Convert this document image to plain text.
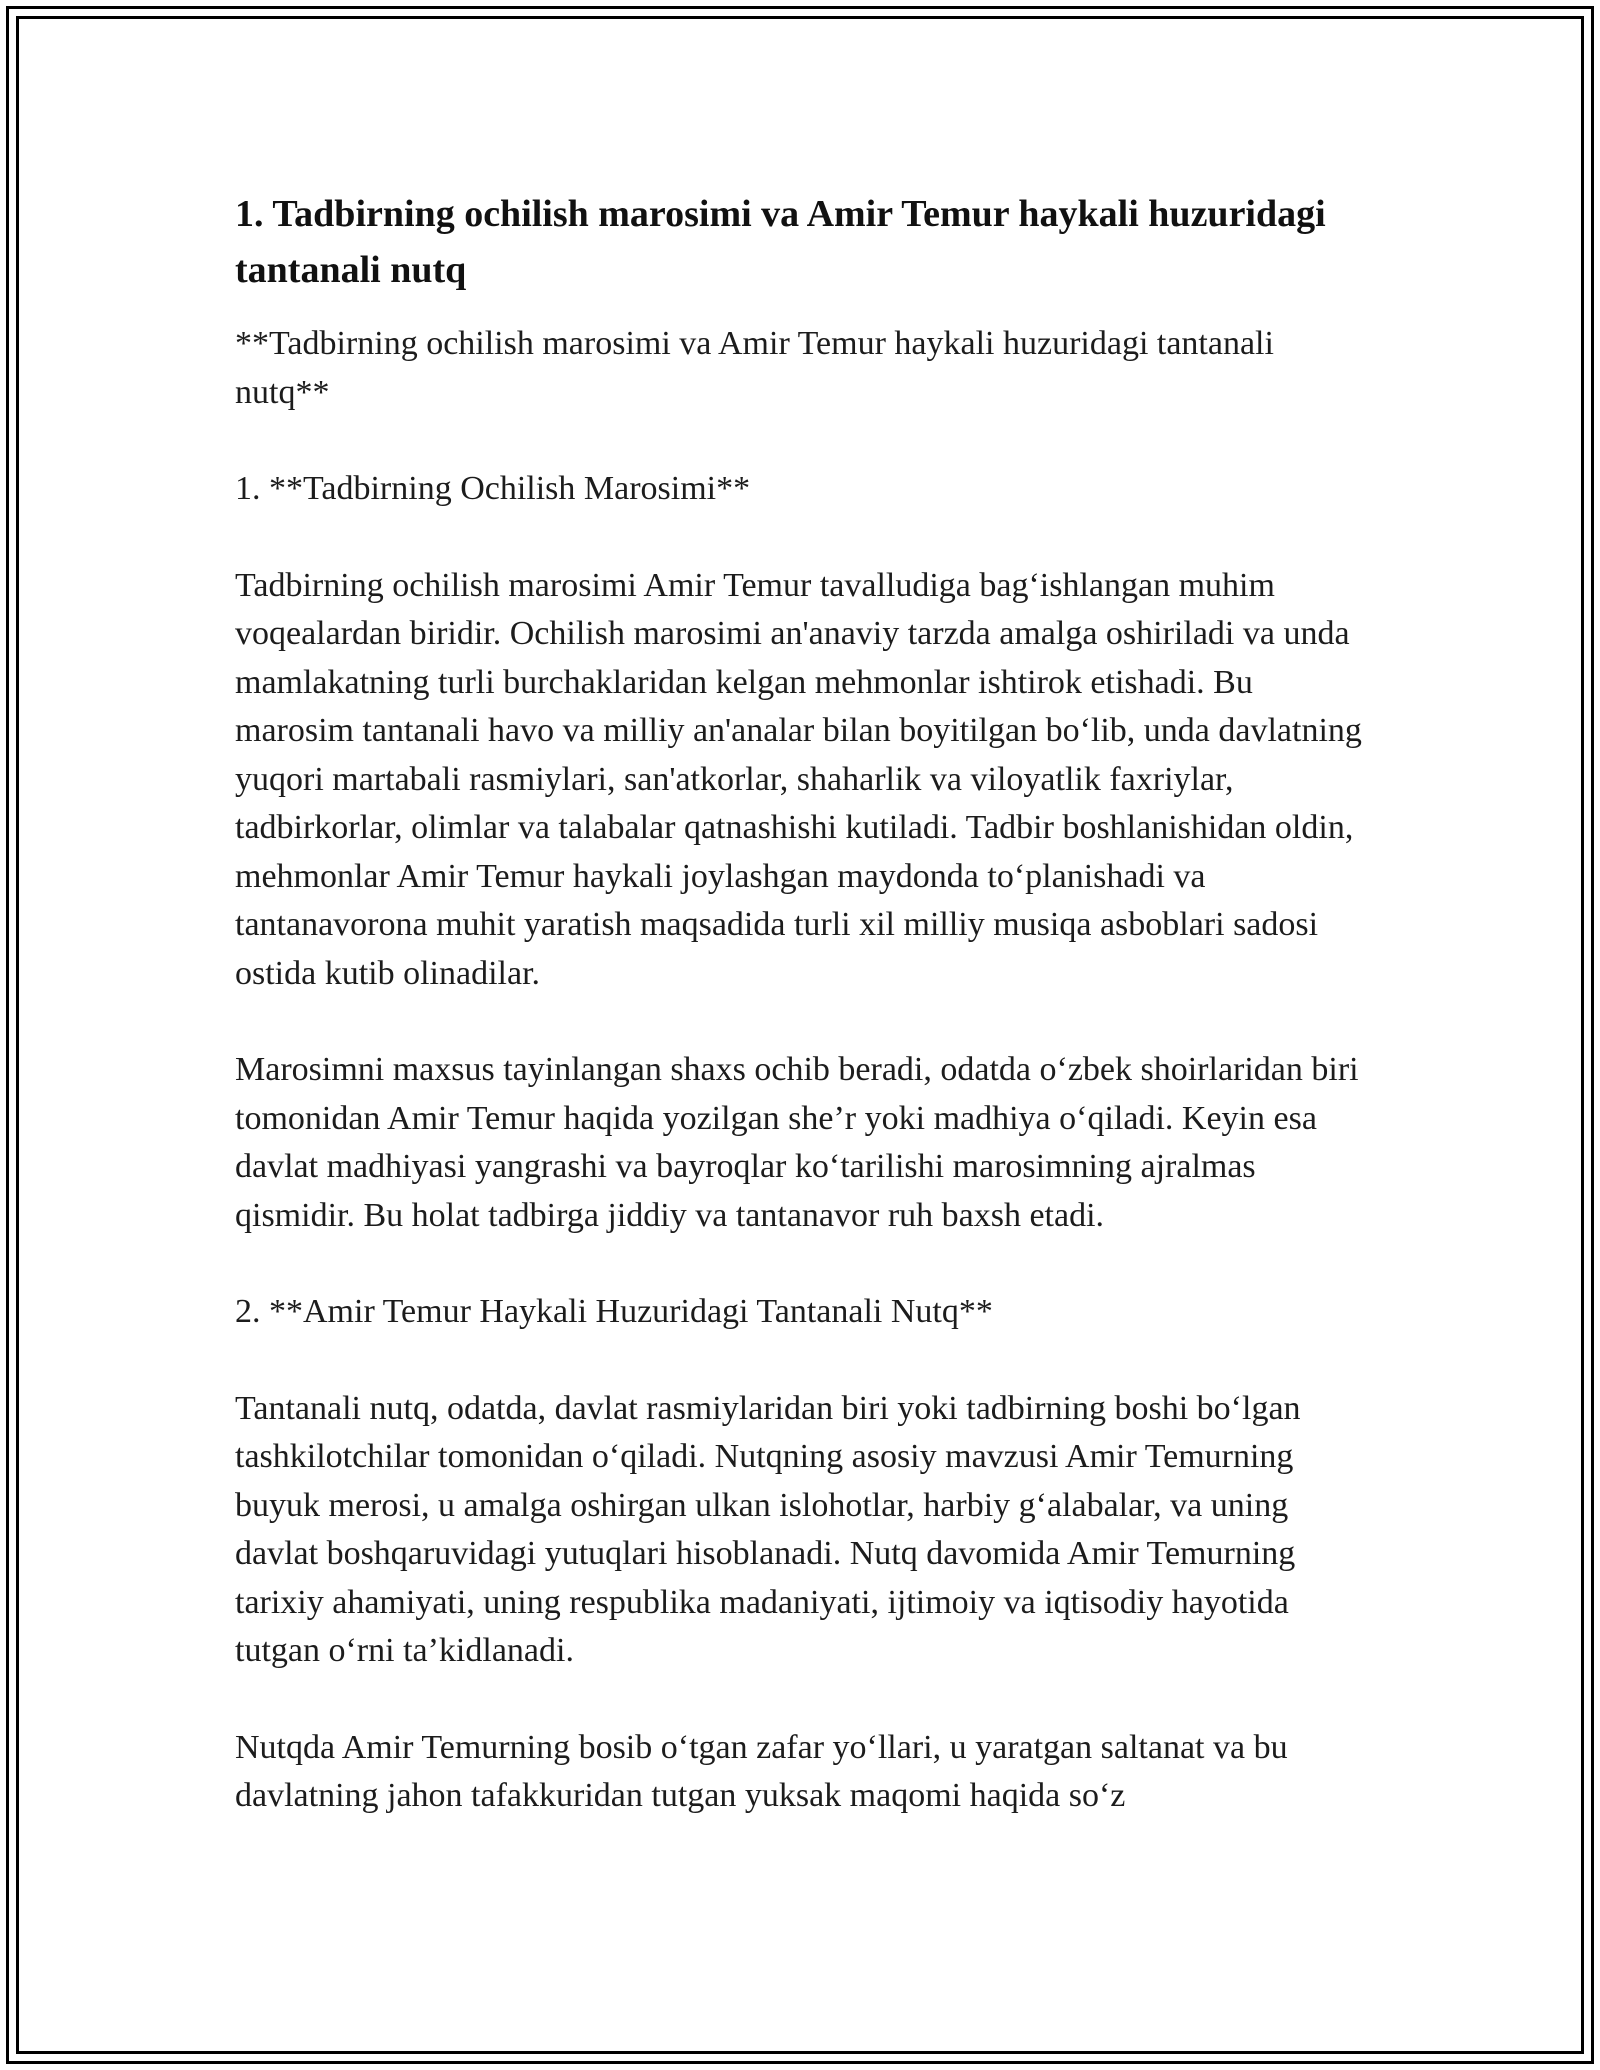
1. Tadbirning ochilish marosimi va Amir Temur haykali huzuridagi tantanali nutq

**Tadbirning ochilish marosimi va Amir Temur haykali huzuridagi tantanali nutq**

1. **Tadbirning Ochilish Marosimi**

Tadbirning ochilish marosimi Amir Temur tavalludiga bag‘ishlangan muhim voqealardan biridir. Ochilish marosimi an'anaviy tarzda amalga oshiriladi va unda mamlakatning turli burchaklaridan kelgan mehmonlar ishtirok etishadi. Bu marosim tantanali havo va milliy an'analar bilan boyitilgan bo‘lib, unda davlatning yuqori martabali rasmiylari, san'atkorlar, shaharlik va viloyatlik faxriylar, tadbirkorlar, olimlar va talabalar qatnashishi kutiladi. Tadbir boshlanishidan oldin, mehmonlar Amir Temur haykali joylashgan maydonda to‘planishadi va tantanavorona muhit yaratish maqsadida turli xil milliy musiqa asboblari sadosi ostida kutib olinadilar.

Marosimni maxsus tayinlangan shaxs ochib beradi, odatda o‘zbek shoirlaridan biri tomonidan Amir Temur haqida yozilgan she’r yoki madhiya o‘qiladi. Keyin esa davlat madhiyasi yangrashi va bayroqlar ko‘tarilishi marosimning ajralmas qismidir. Bu holat tadbirga jiddiy va tantanavor ruh baxsh etadi.

2. **Amir Temur Haykali Huzuridagi Tantanali Nutq**

Tantanali nutq, odatda, davlat rasmiylaridan biri yoki tadbirning boshi bo‘lgan tashkilotchilar tomonidan o‘qiladi. Nutqning asosiy mavzusi Amir Temurning buyuk merosi, u amalga oshirgan ulkan islohotlar, harbiy g‘alabalar, va uning davlat boshqaruvidagi yutuqlari hisoblanadi. Nutq davomida Amir Temurning tarixiy ahamiyati, uning respublika madaniyati, ijtimoiy va iqtisodiy hayotida tutgan o‘rni ta’kidlanadi.

Nutqda Amir Temurning bosib o‘tgan zafar yo‘llari, u yaratgan saltanat va bu davlatning jahon tafakkuridan tutgan yuksak maqomi haqida so‘z
